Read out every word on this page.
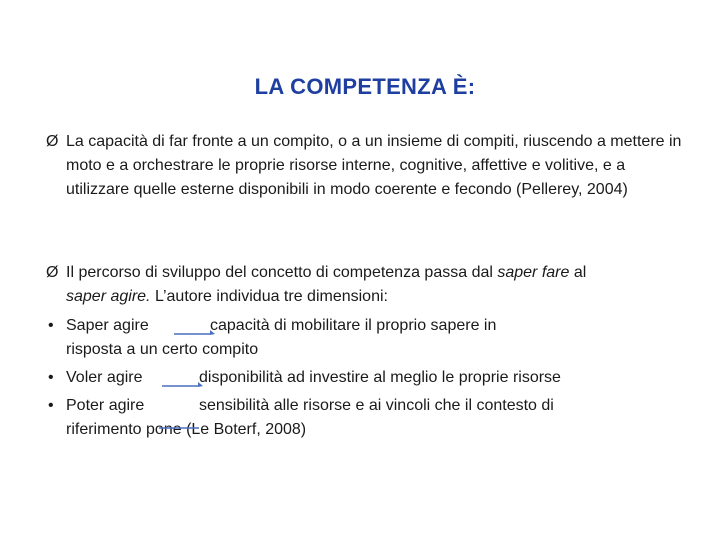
LA COMPETENZA È:
Ø La capacità di far fronte a un compito, o a un insieme di compiti, riuscendo a mettere in moto e a orchestrare le proprie risorse interne, cognitive, affettive e volitive, e a utilizzare quelle esterne disponibili in modo coerente e fecondo (Pellerey, 2004)
Ø Il percorso di sviluppo del concetto di competenza passa dal saper fare al
saper agire. L’autore individua tre dimensioni:
• Saper agire	capacità di mobilitare il proprio sapere in
risposta a un certo compito
• Voler agire	disponibilità ad investire al meglio le proprie risorse
• Poter agire	sensibilità alle risorse e ai vincoli che il contesto di
riferimento pone (Le Boterf, 2008)
